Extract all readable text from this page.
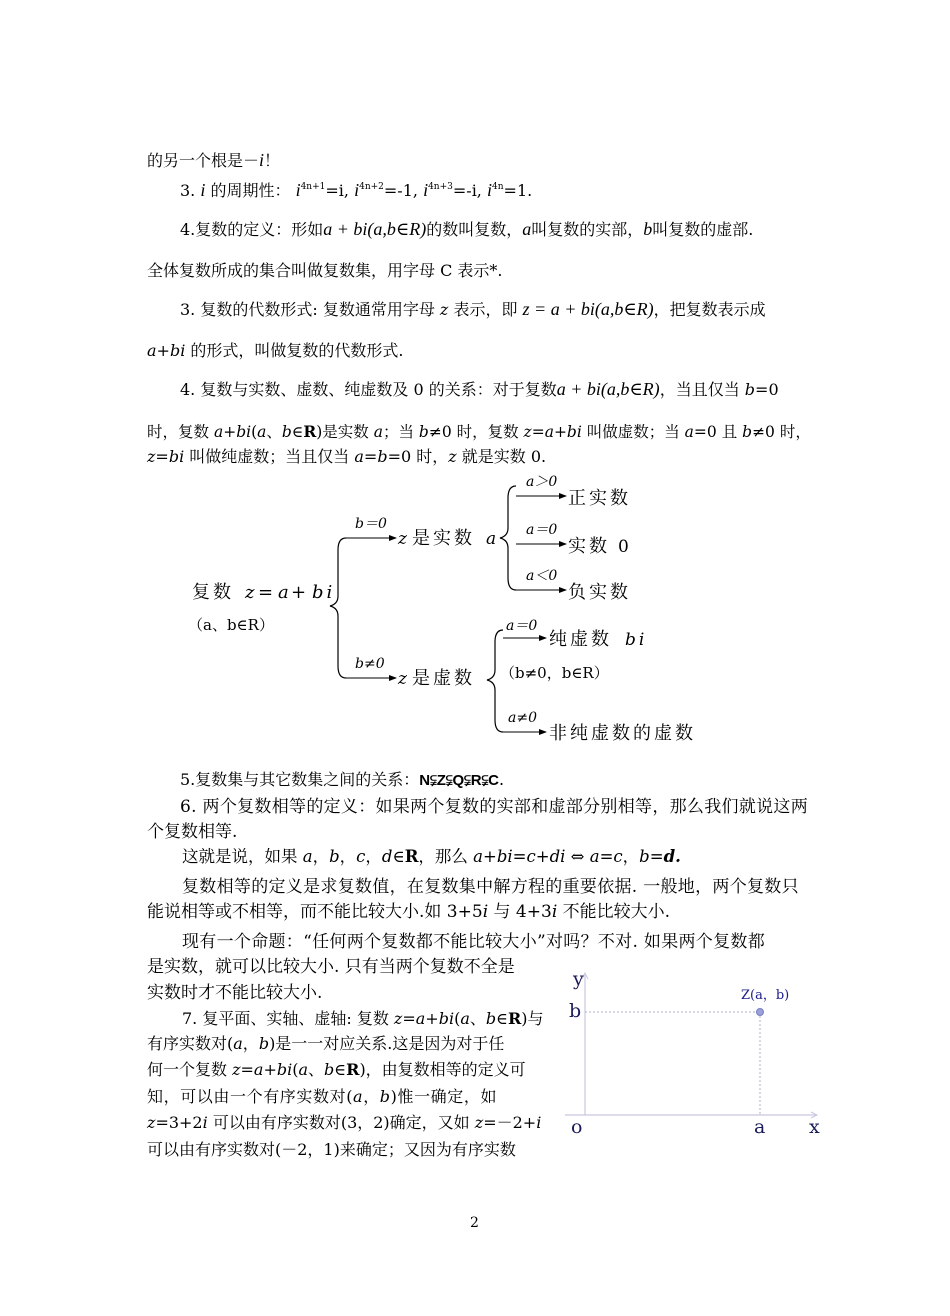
的另一个根是－i！
3. i 的周期性： $i^{4n+1}=i$, $i^{4n+2}=-1$, $i^{4n+3}=-i$, $i^{4n}=1$.
4.复数的定义：形如a + bi(a,b∈R)的数叫复数，a叫复数的实部，b叫复数的虚部.
全体复数所成的集合叫做复数集，用字母 C 表示*.
3. 复数的代数形式: 复数通常用字母 z 表示，即 z = a + bi(a,b∈R)，把复数表示成
a+bi 的形式，叫做复数的代数形式.
4. 复数与实数、虚数、纯虚数及 0 的关系：对于复数a + bi(a,b∈R)，当且仅当 b=0
时，复数 a+bi(a、b∈R)是实数 a；当 b≠0 时，复数 z=a+bi 叫做虚数；当 a=0 且 b≠0 时，
z=bi 叫做纯虚数；当且仅当 a=b=0 时，z 就是实数 0.
复数 z = a + bi
（a、b∈R）
b＝0
z 是实数 a
a＞0
正实数
a＝0
实数 0
a＜0
负实数
b≠0
z 是虚数
a＝0
纯虚数 bi
（b≠0，b∈R）
a≠0
非纯虚数的虚数
5.复数集与其它数集之间的关系：N⫋Z⫋Q⫋R⫋C.
6. 两个复数相等的定义：如果两个复数的实部和虚部分别相等，那么我们就说这两
个复数相等.
这就是说，如果 a，b，c，d∈R，那么 a+bi=c+di ⇔ a=c，b=d.
复数相等的定义是求复数值，在复数集中解方程的重要依据. 一般地，两个复数只
能说相等或不相等，而不能比较大小.如 3+5i 与 4+3i 不能比较大小.
现有一个命题：“任何两个复数都不能比较大小”对吗？不对. 如果两个复数都
是实数，就可以比较大小. 只有当两个复数不全是
实数时才不能比较大小.
7. 复平面、实轴、虚轴: 复数 z=a+bi(a、b∈R)与
有序实数对(a，b)是一一对应关系.这是因为对于任
何一个复数 z=a+bi(a、b∈R)，由复数相等的定义可
知，可以由一个有序实数对(a，b)惟一确定，如
z=3+2i 可以由有序实数对(3，2)确定，又如 z=－2+i
可以由有序实数对(－2，1)来确定；又因为有序实数
y
b
Z(a，b)
o	a x
2
